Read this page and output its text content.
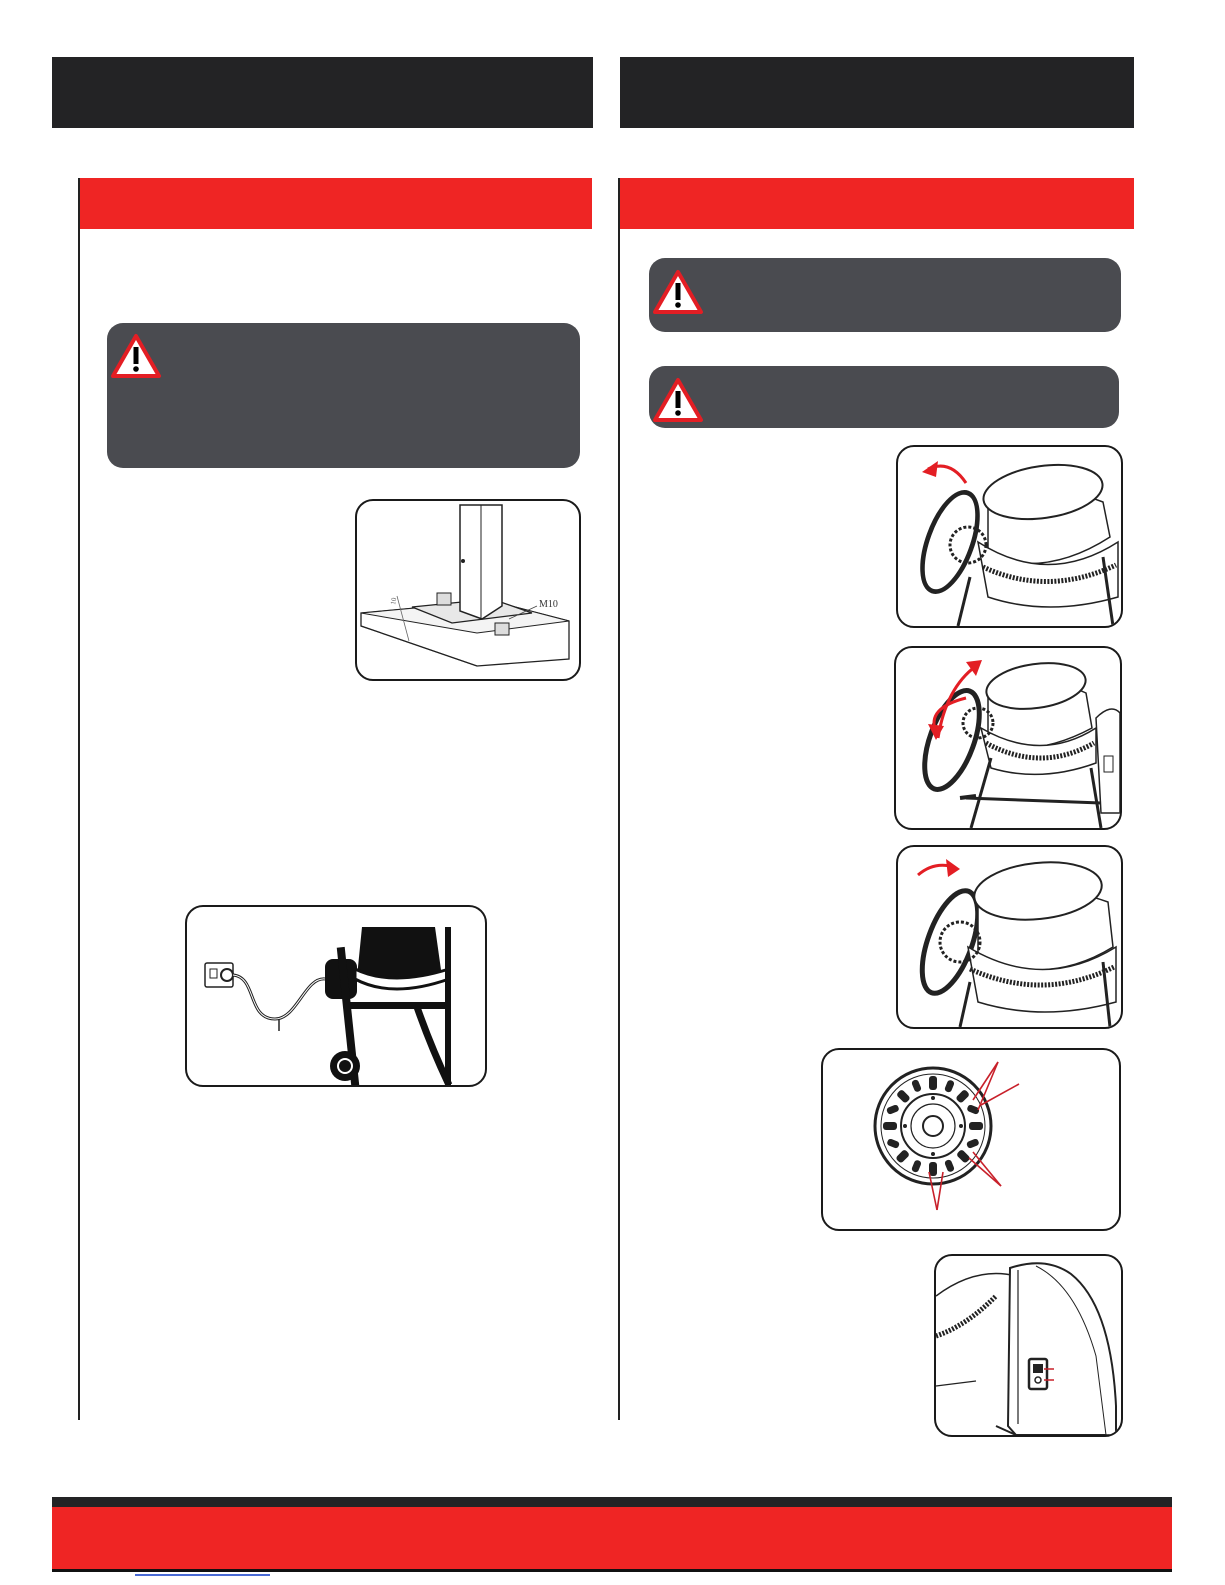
10	M10
